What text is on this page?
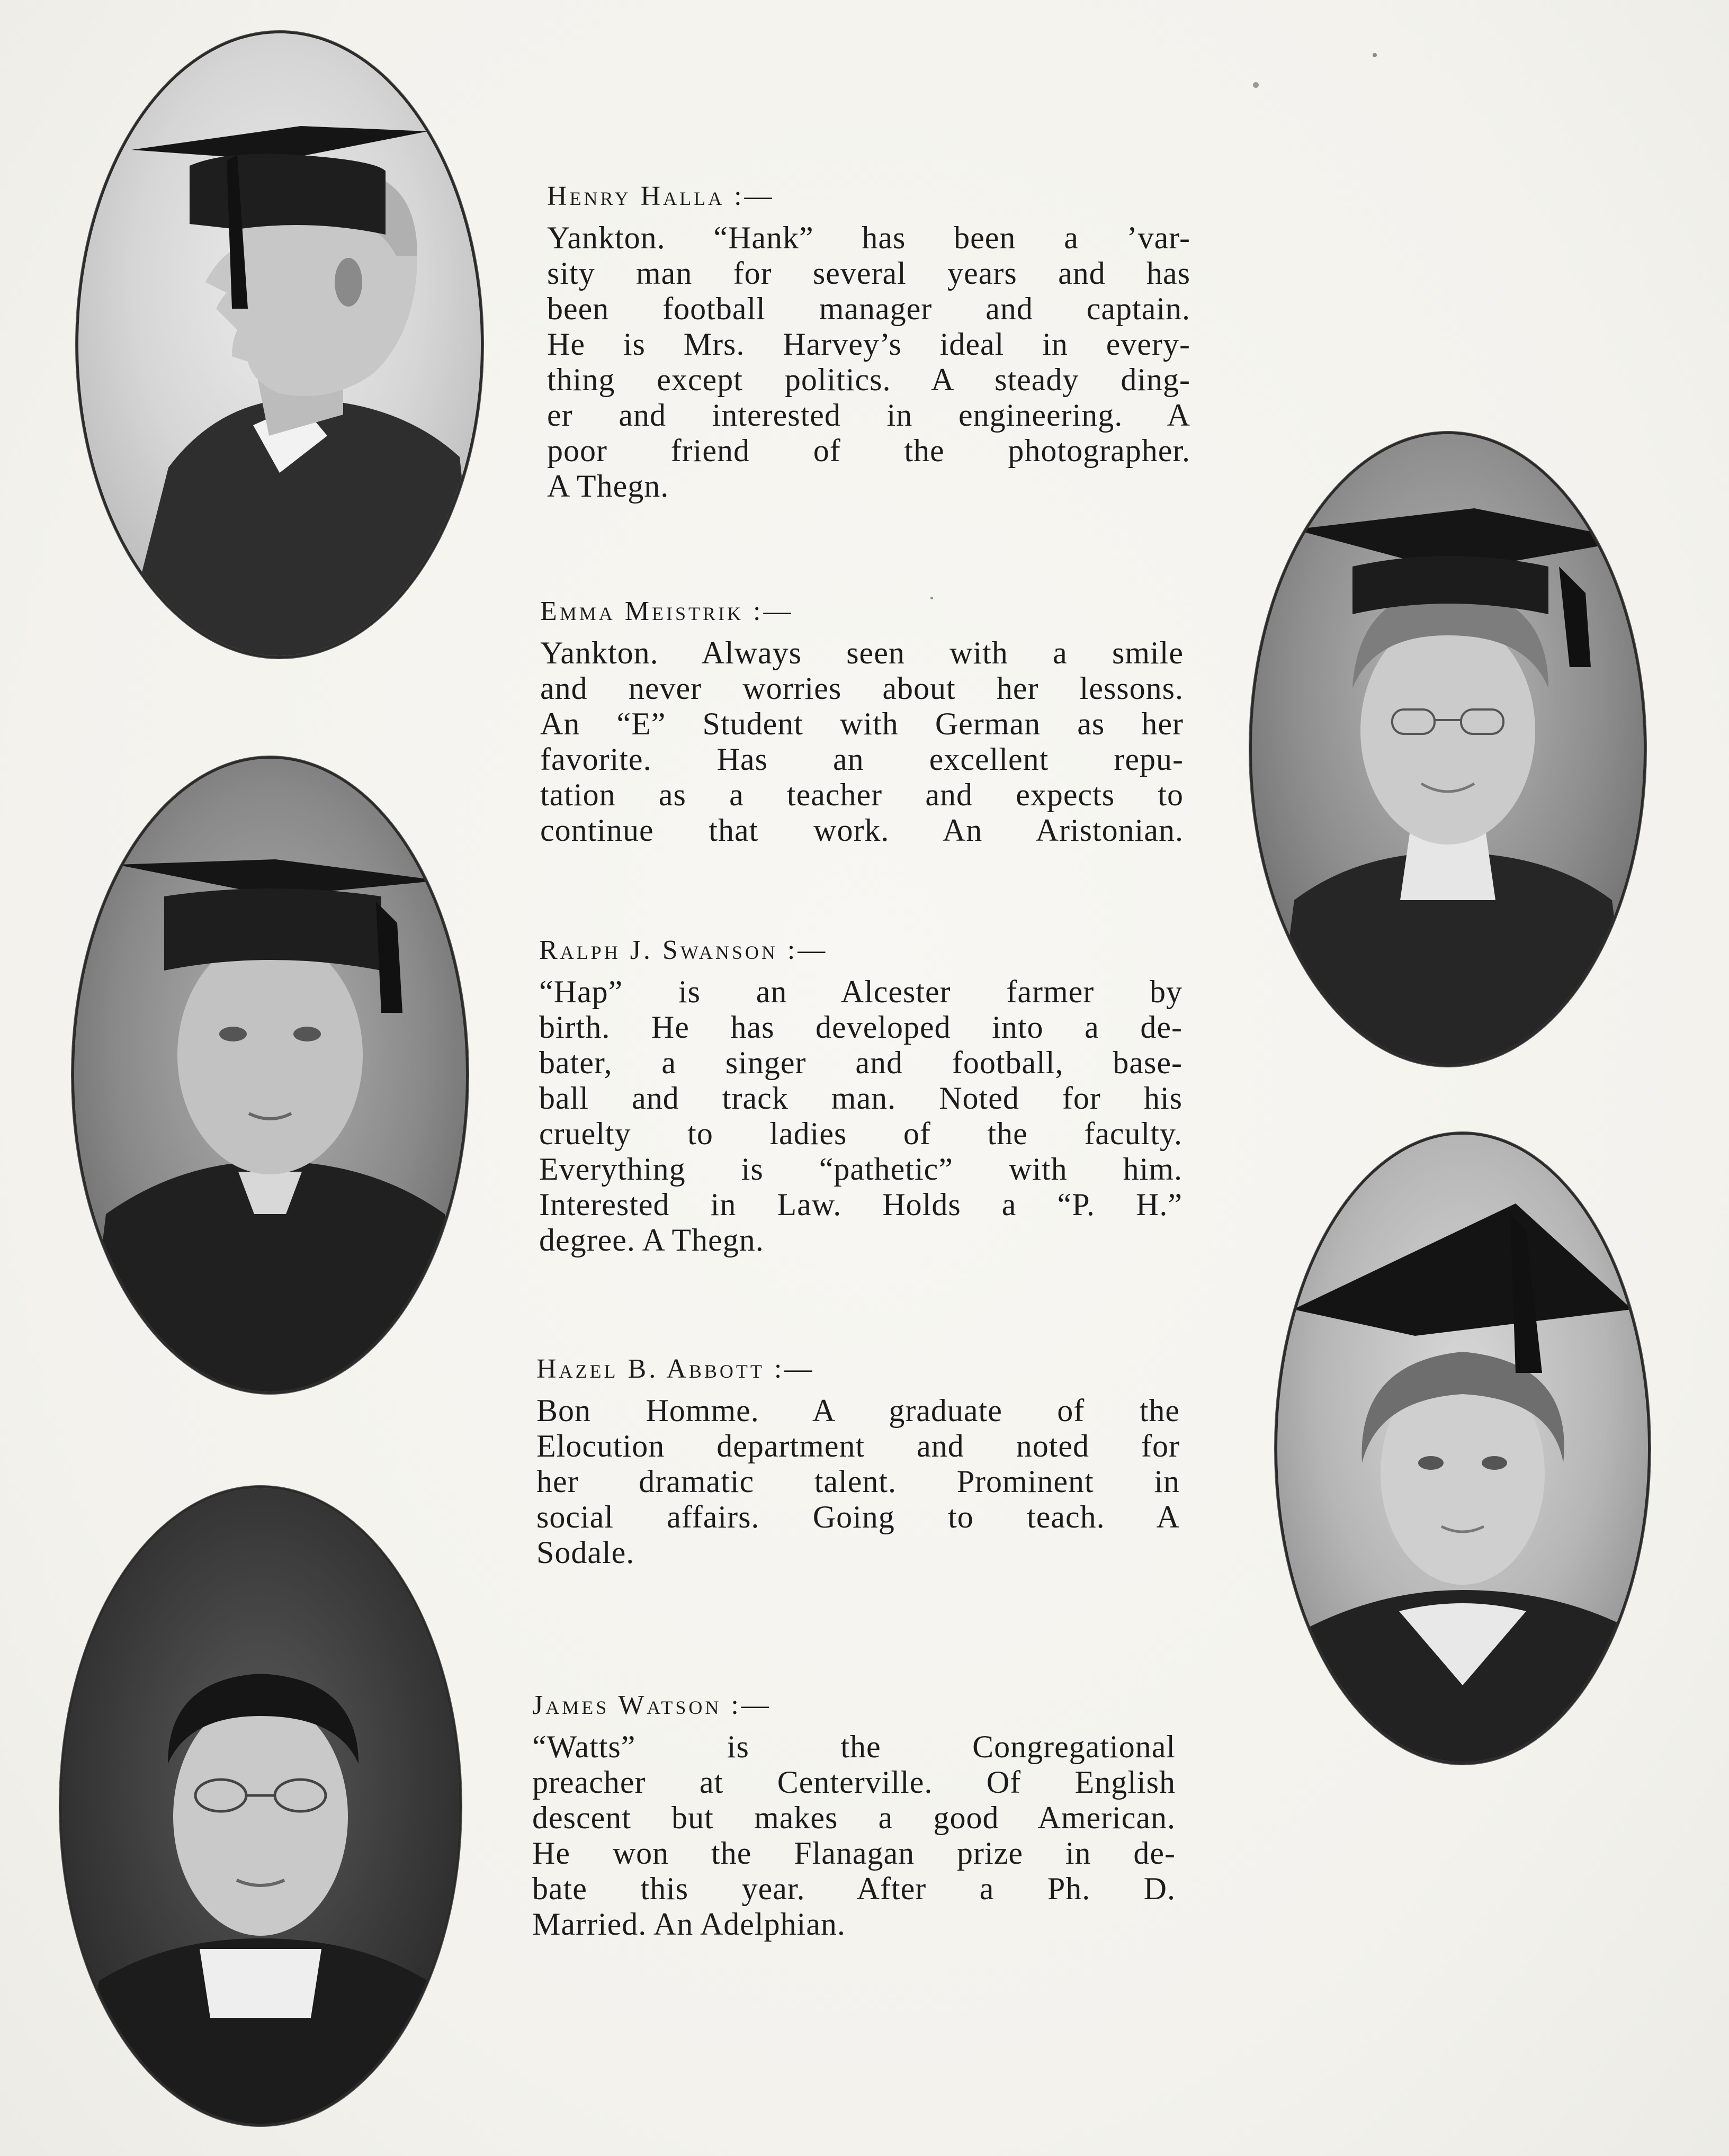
Henry Halla :—
Yankton. “Hank” has been a ’var-
sity man for several years and has
been football manager and captain.
He is Mrs. Harvey’s ideal in every-
thing except politics. A steady ding-
er and interested in engineering. A
poor friend of the photographer.
A Thegn.
Emma Meistrik :—
Yankton. Always seen with a smile
and never worries about her lessons.
An “E” Student with German as her
favorite. Has an excellent repu-
tation as a teacher and expects to
continue that work. An Aristonian.
Ralph J. Swanson :—
“Hap” is an Alcester farmer by
birth. He has developed into a de-
bater, a singer and football, base-
ball and track man. Noted for his
cruelty to ladies of the faculty.
Everything is “pathetic” with him.
Interested in Law. Holds a “P. H.”
degree. A Thegn.
Hazel B. Abbott :—
Bon Homme. A graduate of the
Elocution department and noted for
her dramatic talent. Prominent in
social affairs. Going to teach. A
Sodale.
James Watson :—
“Watts” is the Congregational
preacher at Centerville. Of English
descent but makes a good American.
He won the Flanagan prize in de-
bate this year. After a Ph. D.
Married. An Adelphian.
